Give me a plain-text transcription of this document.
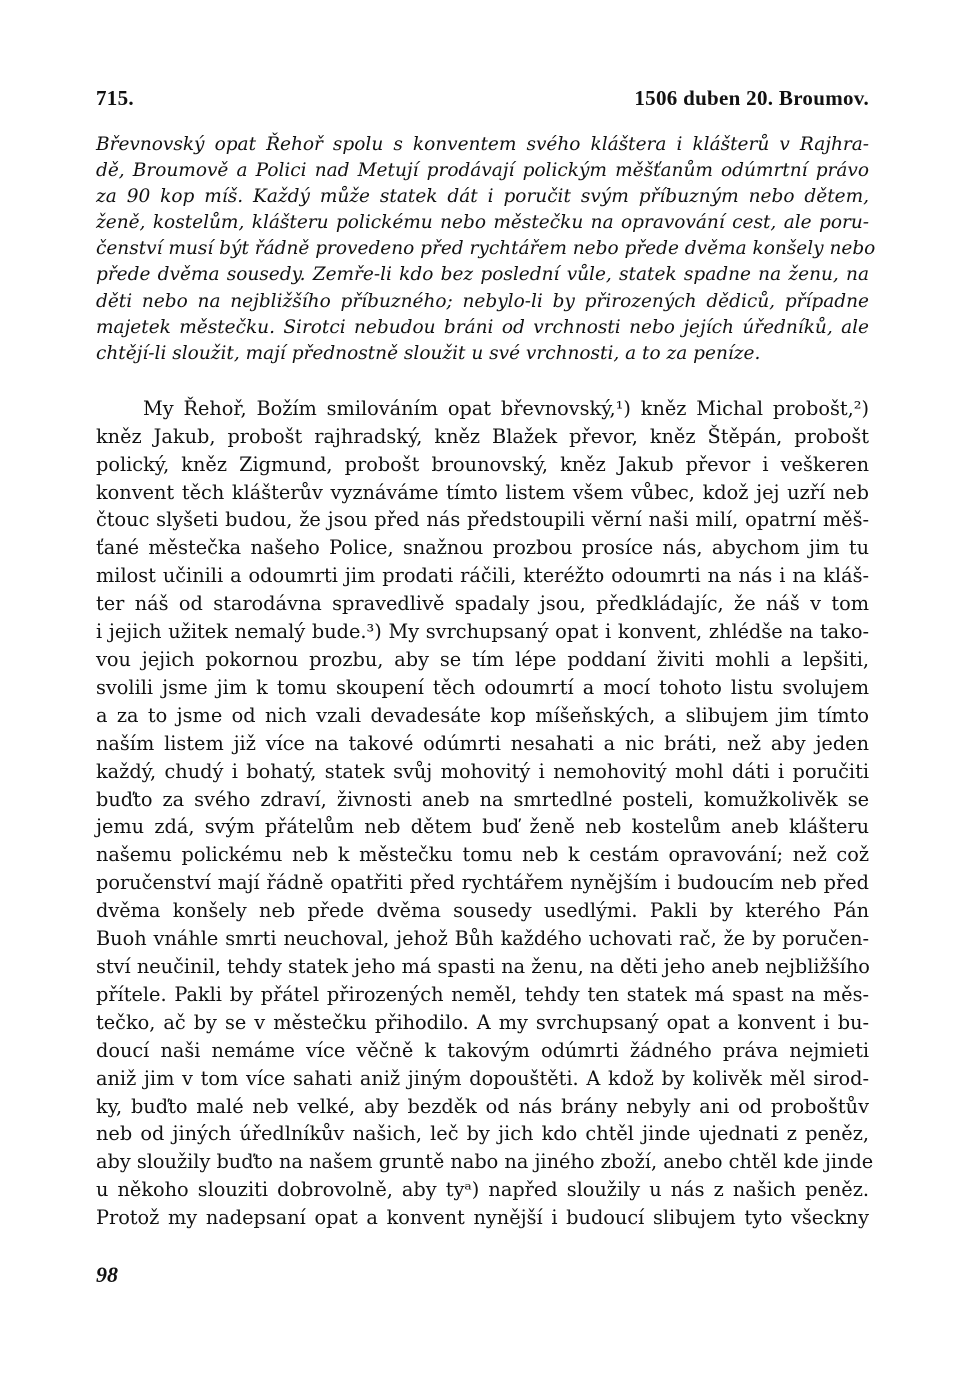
715.	1506 duben 20. Broumov.
Břevnovský opat Řehoř spolu s konventem svého kláštera i klášterů v Rajhra-
dě, Broumově a Polici nad Metují prodávají polickým měšťanům odúmrtní právo
za 90 kop míš. Každý může statek dát i poručit svým příbuzným nebo dětem,
ženě, kostelům, klášteru polickému nebo městečku na opravování cest, ale poru-
čenství musí být řádně provedeno před rychtářem nebo přede dvěma konšely nebo
přede dvěma sousedy. Zemře-li kdo bez poslední vůle, statek spadne na ženu, na
děti nebo na nejbližšího příbuzného; nebylo-li by přirozených dědiců, případne
majetek městečku. Sirotci nebudou bráni od vrchnosti nebo jejích úředníků, ale
chtějí-li sloužit, mají přednostně sloužit u své vrchnosti, a to za peníze.
My Řehoř, Božím smilováním opat břevnovský,¹) kněz Michal probošt,²)
kněz Jakub, probošt rajhradský, kněz Blažek převor, kněz Štěpán, probošt
polický, kněz Zigmund, probošt brounovský, kněz Jakub převor i veškeren
konvent těch klášterův vyznáváme tímto listem všem vůbec, kdož jej uzří neb
čtouc slyšeti budou, že jsou před nás předstoupili věrní naši milí, opatrní měš-
ťané městečka našeho Police, snažnou prozbou prosíce nás, abychom jim tu
milost učinili a odoumrti jim prodati ráčili, kteréžto odoumrti na nás i na kláš-
ter náš od starodávna spravedlivě spadaly jsou, předkládajíc, že náš v tom
i jejich užitek nemalý bude.³) My svrchupsaný opat i konvent, zhlédše na tako-
vou jejich pokornou prozbu, aby se tím lépe poddaní živiti mohli a lepšiti,
svolili jsme jim k tomu skoupení těch odoumrtí a mocí tohoto listu svolujem
a za to jsme od nich vzali devadesáte kop míšeňských, a slibujem jim tímto
naším listem již více na takové odúmrti nesahati a nic bráti, než aby jeden
každý, chudý i bohatý, statek svůj mohovitý i nemohovitý mohl dáti i poručiti
buďto za svého zdraví, živnosti aneb na smrtedlné posteli, komužkolivěk se
jemu zdá, svým přátelům neb dětem buď ženě neb kostelům aneb klášteru
našemu polickému neb k městečku tomu neb k cestám opravování; než což
poručenství mají řádně opatřiti před rychtářem nynějším i budoucím neb před
dvěma konšely neb přede dvěma sousedy usedlými. Pakli by kterého Pán
Buoh vnáhle smrti neuchoval, jehož Bůh každého uchovati rač, že by poručen-
ství neučinil, tehdy statek jeho má spasti na ženu, na děti jeho aneb nejbližšího
přítele. Pakli by přátel přirozených neměl, tehdy ten statek má spast na měs-
tečko, ač by se v městečku přihodilo. A my svrchupsaný opat a konvent i bu-
doucí naši nemáme více věčně k takovým odúmrti žádného práva nejmieti
aniž jim v tom více sahati aniž jiným dopouštěti. A kdož by kolivěk měl sirod-
ky, buďto malé neb velké, aby bezděk od nás brány nebyly ani od proboštův
neb od jiných úředlníkův našich, leč by jich kdo chtěl jinde ujednati z peněz,
aby sloužily buďto na našem gruntě nabo na jiného zboží, anebo chtěl kde jinde
u někoho slouziti dobrovolně, aby tyᵃ) napřed sloužily u nás z našich peněz.
Protož my nadepsaní opat a konvent nynější i budoucí slibujem tyto všeckny
98
